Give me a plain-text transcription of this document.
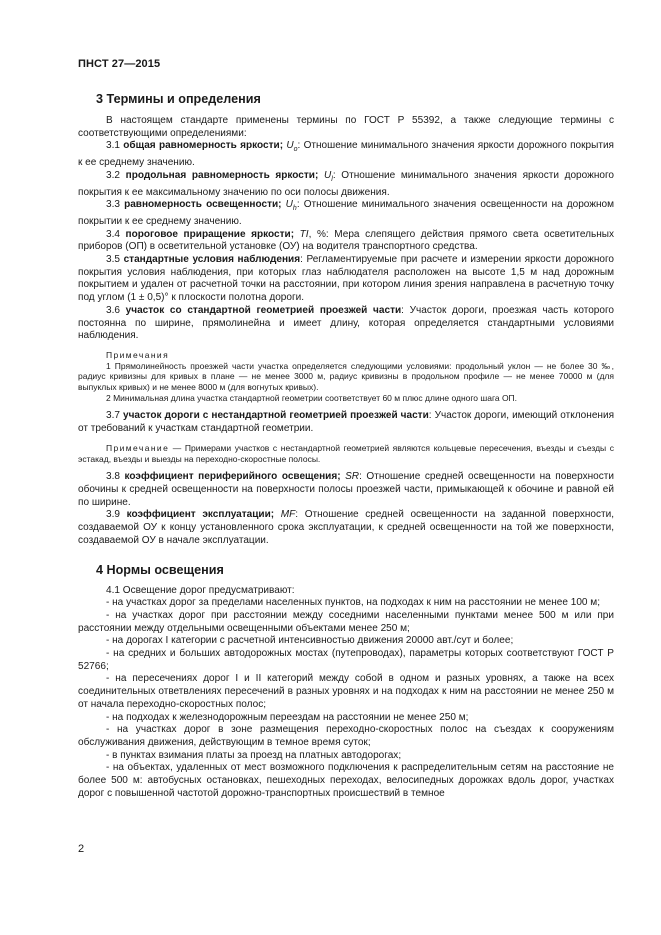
ПНСТ 27—2015
3 Термины и определения

В настоящем стандарте применены термины по ГОСТ Р 55392, а также следующие термины с соответствующими определениями:

3.1 общая равномерность яркости; $U_o$: Отношение минимального значения яркости дорожного покрытия к ее среднему значению.

3.2 продольная равномерность яркости; $U_l$: Отношение минимального значения яркости дорожного покрытия к ее максимальному значению по оси полосы движения.

3.3 равномерность освещенности; $U_h$: Отношение минимального значения освещенности на дорожном покрытии к ее среднему значению.

3.4 пороговое приращение яркости; TI, %: Мера слепящего действия прямого света осветительных приборов (ОП) в осветительной установке (ОУ) на водителя транспортного средства.

3.5 стандартные условия наблюдения: Регламентируемые при расчете и измерении яркости дорожного покрытия условия наблюдения, при которых глаз наблюдателя расположен на высоте 1,5 м над дорожным покрытием и удален от расчетной точки на расстоянии, при котором линия зрения направлена в расчетную точку под углом (1 ± 0,5)° к плоскости полотна дороги.

3.6 участок со стандартной геометрией проезжей части: Участок дороги, проезжая часть которого постоянна по ширине, прямолинейна и имеет длину, которая определяется стандартными условиями наблюдения.

Примечания

1 Прямолинейность проезжей части участка определяется следующими условиями: продольный уклон — не более 30 ‰, радиус кривизны для кривых в плане — не менее 3000 м, радиус кривизны в продольном профиле — не менее 70000 м (для выпуклых кривых) и не менее 8000 м (для вогнутых кривых).

2 Минимальная длина участка стандартной геометрии соответствует 60 м плюс длине одного шага ОП.

3.7 участок дороги с нестандартной геометрией проезжей части: Участок дороги, имеющий отклонения от требований к участкам стандартной геометрии.

Примечание — Примерами участков с нестандартной геометрией являются кольцевые пересечения, въезды и съезды с эстакад, въезды и выезды на переходно-скоростные полосы.

3.8 коэффициент периферийного освещения; SR: Отношение средней освещенности на поверхности обочины к средней освещенности на поверхности полосы проезжей части, примыкающей к обочине и равной ей по ширине.

3.9 коэффициент эксплуатации; MF: Отношение средней освещенности на заданной поверхности, создаваемой ОУ к концу установленного срока эксплуатации, к средней освещенности на той же поверхности, создаваемой ОУ в начале эксплуатации.

4 Нормы освещения

4.1 Освещение дорог предусматривают:

- на участках дорог за пределами населенных пунктов, на подходах к ним на расстоянии не менее 100 м;

- на участках дорог при расстоянии между соседними населенными пунктами менее 500 м или при расстоянии между отдельными освещенными объектами менее 250 м;

- на дорогах I категории с расчетной интенсивностью движения 20000 авт./сут и более;

- на средних и больших автодорожных мостах (путепроводах), параметры которых соответствуют ГОСТ Р 52766;

- на пересечениях дорог I и II категорий между собой в одном и разных уровнях, а также на всех соединительных ответвлениях пересечений в разных уровнях и на подходах к ним на расстоянии не менее 250 м от начала переходно-скоростных полос;

- на подходах к железнодорожным переездам на расстоянии не менее 250 м;

- на участках дорог в зоне размещения переходно-скоростных полос на съездах к сооружениям обслуживания движения, действующим в темное время суток;

- в пунктах взимания платы за проезд на платных автодорогах;

- на объектах, удаленных от мест возможного подключения к распределительным сетям на расстояние не более 500 м: автобусных остановках, пешеходных переходах, велосипедных дорожках вдоль дорог, участках дорог с повышенной частотой дорожно-транспортных происшествий в темное

2
